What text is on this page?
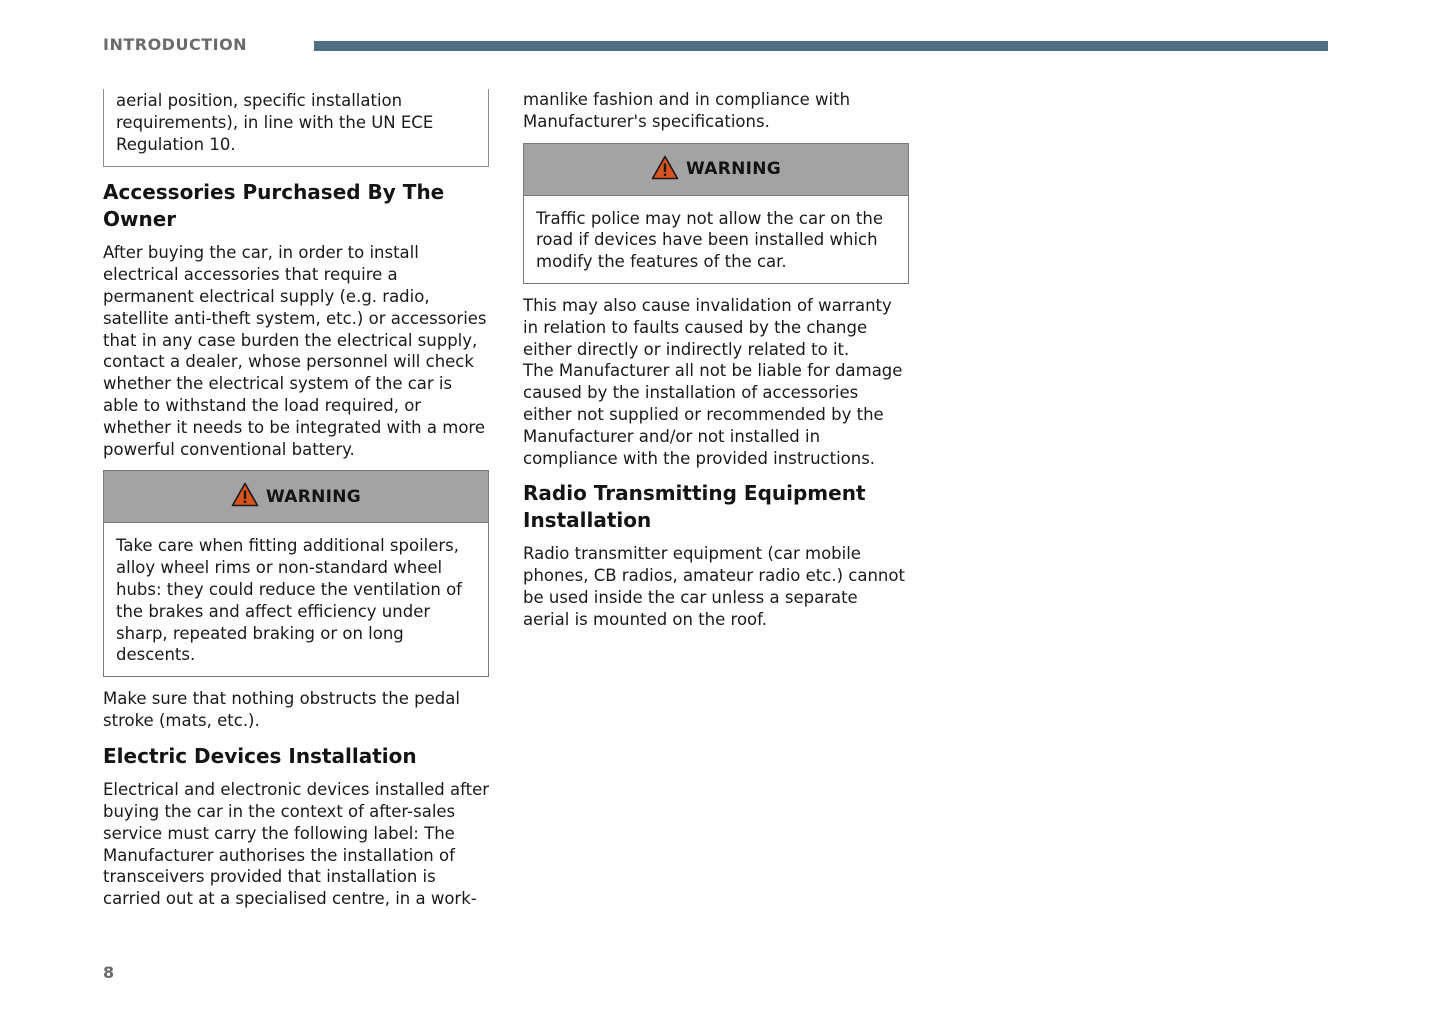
INTRODUCTION

aerial position, specific installation requirements), in line with the UN ECE Regulation 10.

Accessories Purchased By The Owner

After buying the car, in order to install electrical accessories that require a permanent electrical supply (e.g. radio, satellite anti-theft system, etc.) or accessories that in any case burden the electrical supply, contact a dealer, whose personnel will check whether the electrical system of the car is able to withstand the load required, or whether it needs to be integrated with a more powerful conventional battery.

WARNING

Take care when fitting additional spoilers, alloy wheel rims or non-standard wheel hubs: they could reduce the ventilation of the brakes and affect efficiency under sharp, repeated braking or on long descents.

Make sure that nothing obstructs the pedal stroke (mats, etc.).

Electric Devices Installation

Electrical and electronic devices installed after buying the car in the context of after-sales service must carry the following label: The Manufacturer authorises the installation of transceivers provided that installation is carried out at a specialised centre, in a work-

manlike fashion and in compliance with Manufacturer's specifications.

WARNING

Traffic police may not allow the car on the road if devices have been installed which modify the features of the car.

This may also cause invalidation of warranty in relation to faults caused by the change either directly or indirectly related to it.

The Manufacturer all not be liable for damage caused by the installation of accessories either not supplied or recommended by the Manufacturer and/or not installed in compliance with the provided instructions.

Radio Transmitting Equipment Installation

Radio transmitter equipment (car mobile phones, CB radios, amateur radio etc.) cannot be used inside the car unless a separate aerial is mounted on the roof.

8
